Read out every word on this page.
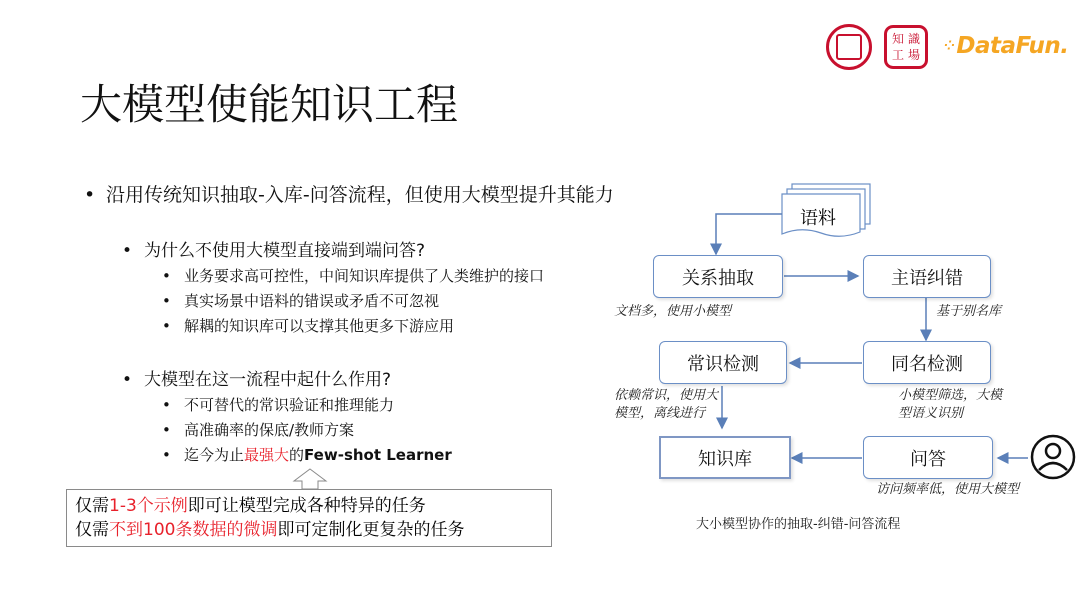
知 識
工 場
⁘ DataFun.
大模型使能知识工程
• 沿用传统知识抽取-入库-问答流程，但使用大模型提升其能力
• 为什么不使用大模型直接端到端问答?
• 业务要求高可控性，中间知识库提供了人类维护的接口
• 真实场景中语料的错误或矛盾不可忽视
• 解耦的知识库可以支撑其他更多下游应用
• 大模型在这一流程中起什么作用?
• 不可替代的常识验证和推理能力
• 高准确率的保底/教师方案
• 迄今为止最强大的Few-shot Learner
仅需1-3个示例即可让模型完成各种特异的任务
仅需不到100条数据的微调即可定制化更复杂的任务
语料
关系抽取	主语纠错
常识检测	同名检测
知识库	问答
文档多，使用小模型	基于别名库
依赖常识，使用大
模型，离线进行
小模型筛选，大模
型语义识别
访问频率低，使用大模型
大小模型协作的抽取-纠错-问答流程
